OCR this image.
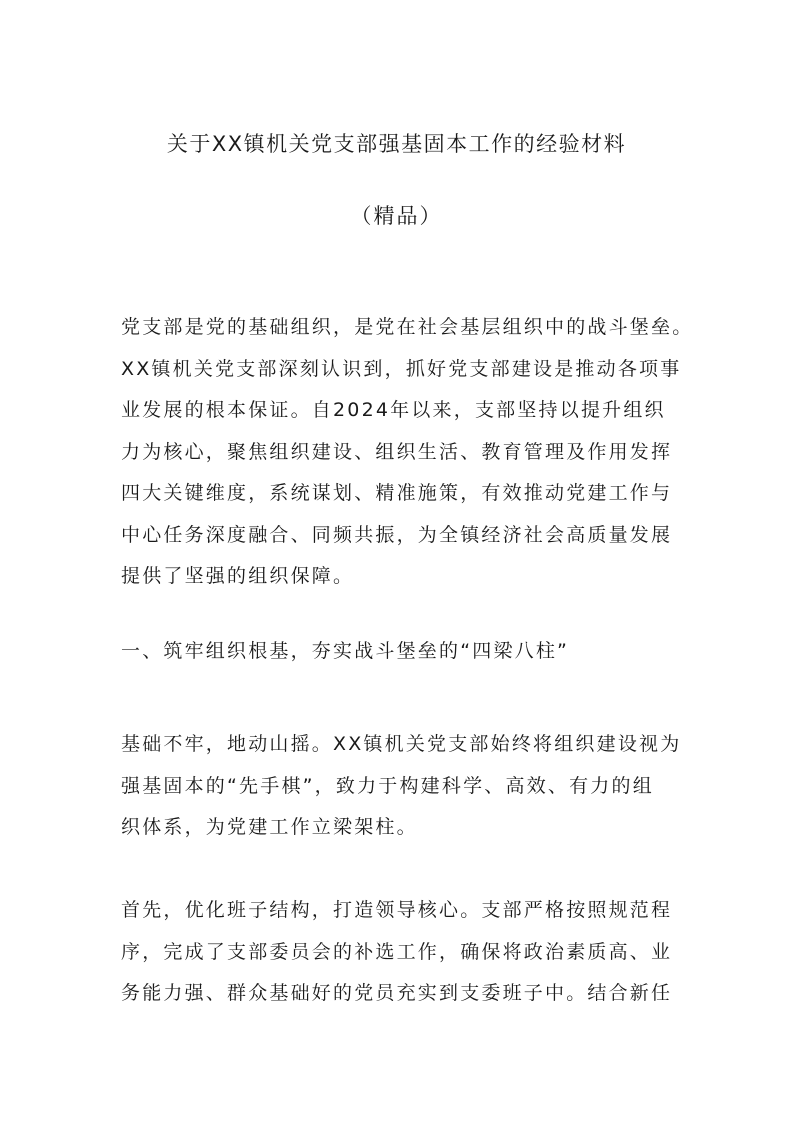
关于XX镇机关党支部强基固本工作的经验材料
（精品）
党支部是党的基础组织，是党在社会基层组织中的战斗堡垒。
XX镇机关党支部深刻认识到，抓好党支部建设是推动各项事
业发展的根本保证。自2024年以来，支部坚持以提升组织
力为核心，聚焦组织建设、组织生活、教育管理及作用发挥
四大关键维度，系统谋划、精准施策，有效推动党建工作与
中心任务深度融合、同频共振，为全镇经济社会高质量发展
提供了坚强的组织保障。
一、筑牢组织根基，夯实战斗堡垒的“四梁八柱”
基础不牢，地动山摇。XX镇机关党支部始终将组织建设视为
强基固本的“先手棋”，致力于构建科学、高效、有力的组
织体系，为党建工作立梁架柱。
首先，优化班子结构，打造领导核心。支部严格按照规范程
序，完成了支部委员会的补选工作，确保将政治素质高、业
务能力强、群众基础好的党员充实到支委班子中。结合新任
